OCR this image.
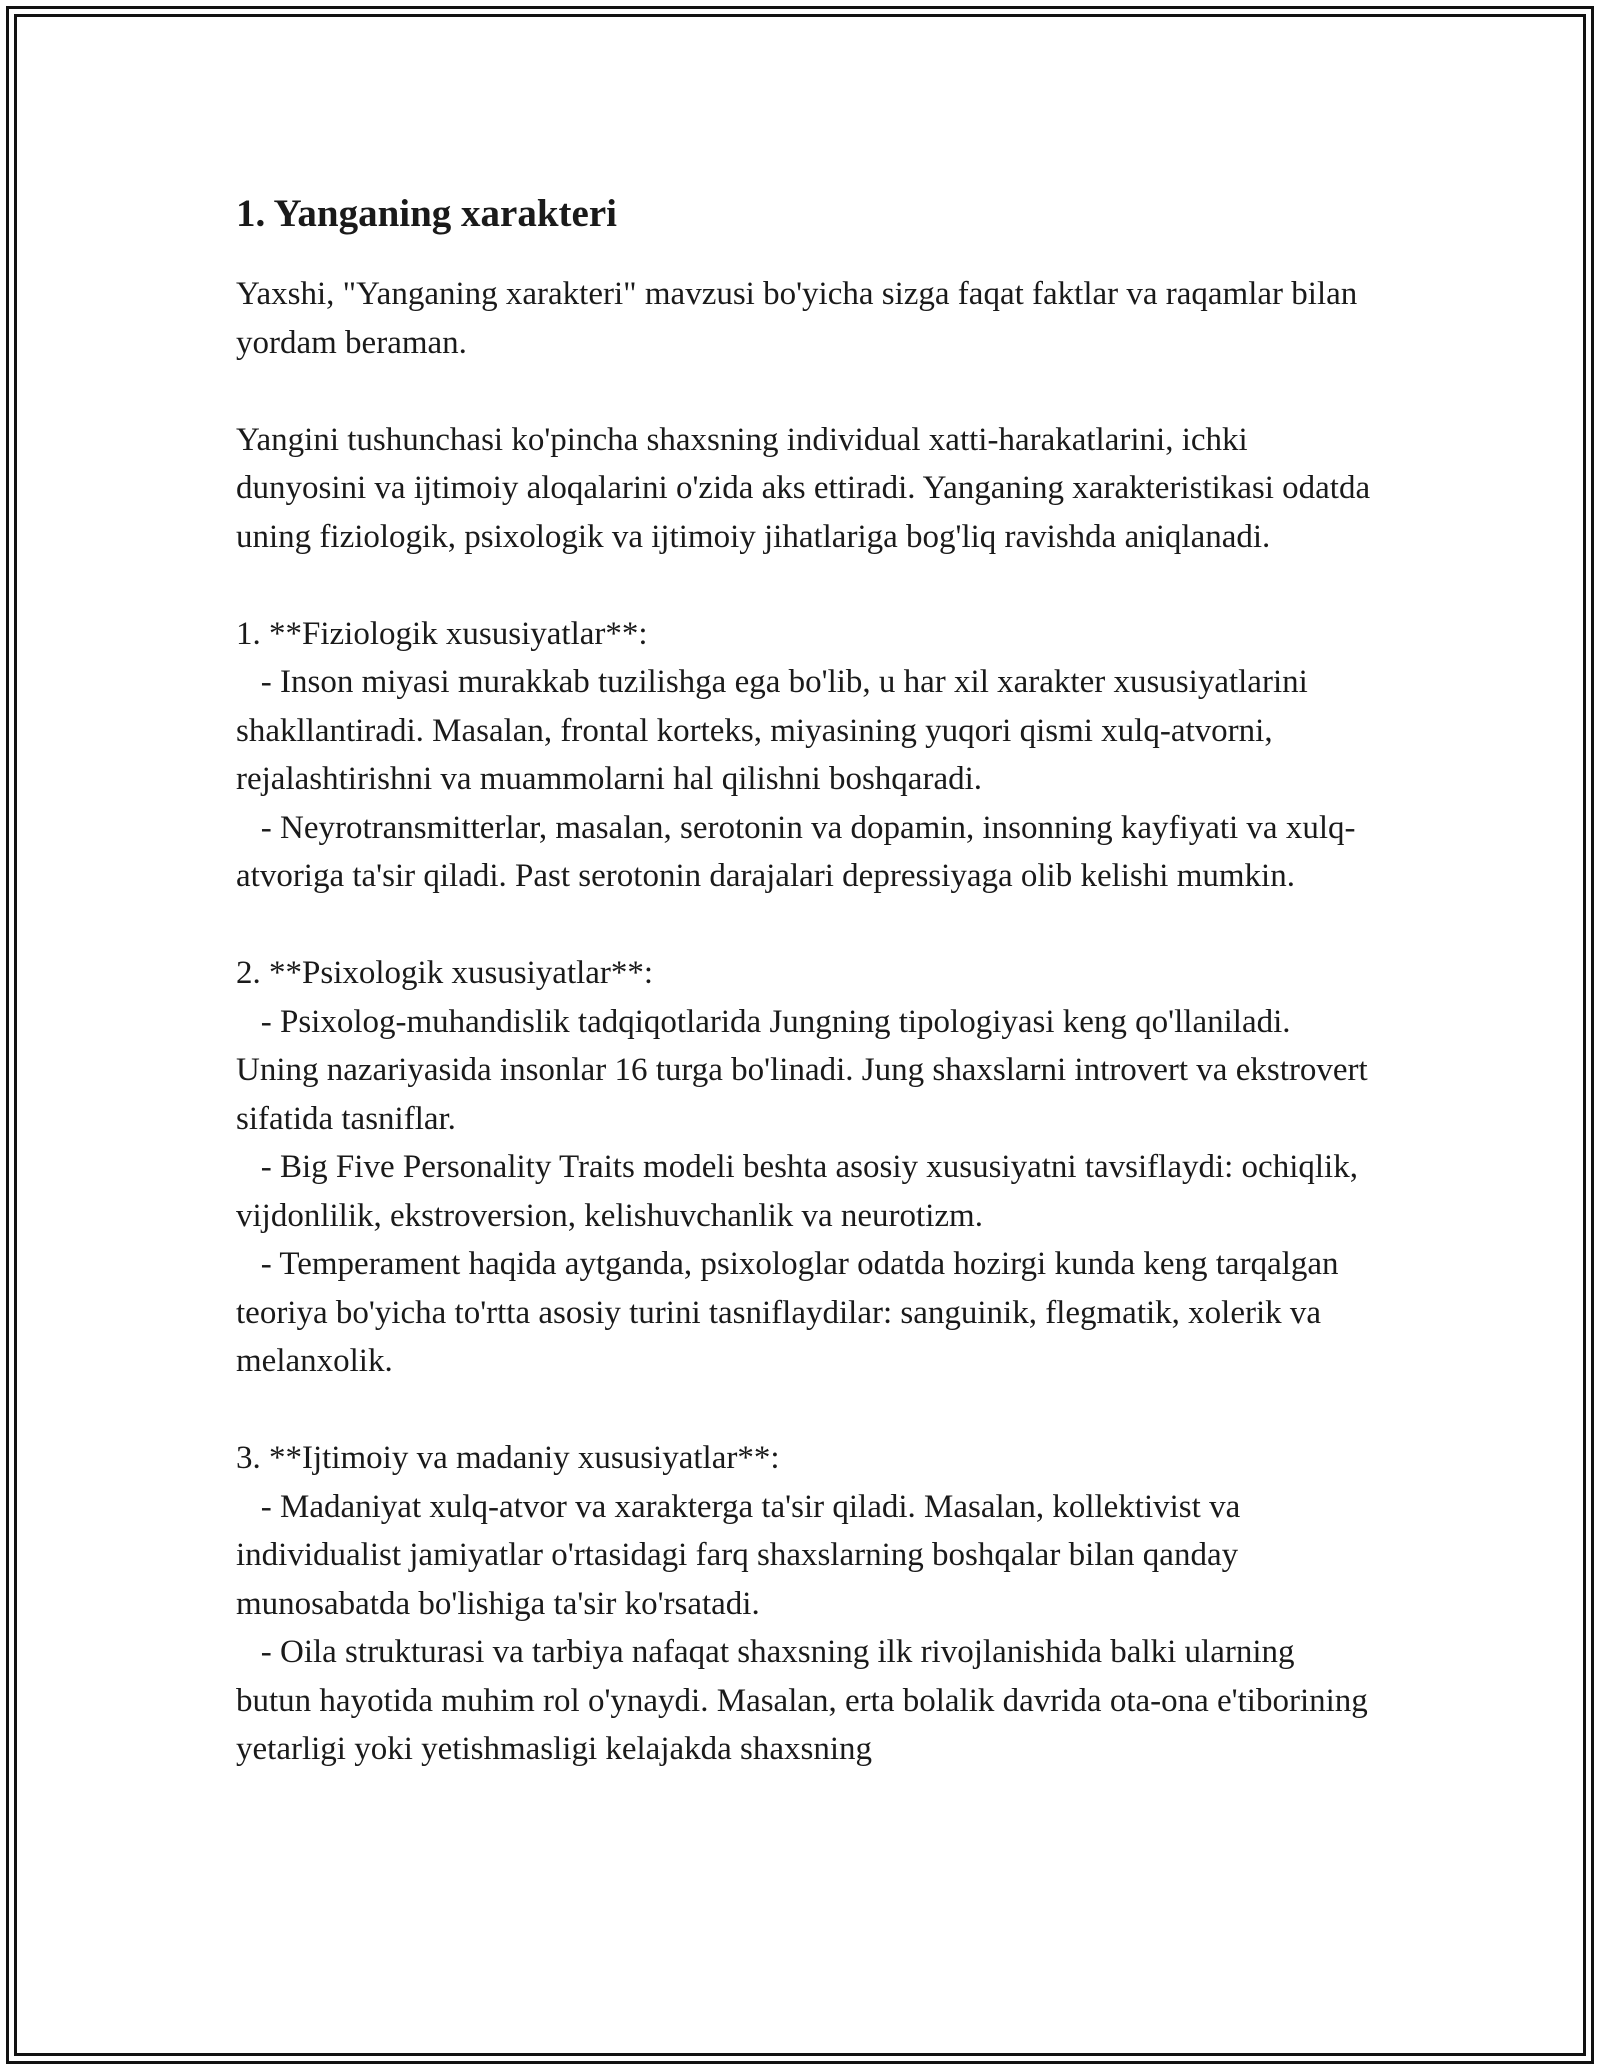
1. Yanganing xarakteri

Yaxshi, "Yanganing xarakteri" mavzusi bo'yicha sizga faqat faktlar va raqamlar bilan yordam beraman.

Yangini tushunchasi ko'pincha shaxsning individual xatti-harakatlarini, ichki dunyosini va ijtimoiy aloqalarini o'zida aks ettiradi. Yanganing xarakteristikasi odatda uning fiziologik, psixologik va ijtimoiy jihatlariga bog'liq ravishda aniqlanadi.

1. **Fiziologik xususiyatlar**:

- Inson miyasi murakkab tuzilishga ega bo'lib, u har xil xarakter xususiyatlarini shakllantiradi. Masalan, frontal korteks, miyasining yuqori qismi xulq-atvorni, rejalashtirishni va muammolarni hal qilishni boshqaradi.

- Neyrotransmitterlar, masalan, serotonin va dopamin, insonning kayfiyati va xulq-atvoriga ta'sir qiladi. Past serotonin darajalari depressiyaga olib kelishi mumkin.

2. **Psixologik xususiyatlar**:

- Psixolog-muhandislik tadqiqotlarida Jungning tipologiyasi keng qo'llaniladi. Uning nazariyasida insonlar 16 turga bo'linadi. Jung shaxslarni introvert va ekstrovert sifatida tasniflar.

- Big Five Personality Traits modeli beshta asosiy xususiyatni tavsiflaydi: ochiqlik, vijdonlilik, ekstroversion, kelishuvchanlik va neurotizm.

- Temperament haqida aytganda, psixologlar odatda hozirgi kunda keng tarqalgan teoriya bo'yicha to'rtta asosiy turini tasniflaydilar: sanguinik, flegmatik, xolerik va melanxolik.

3. **Ijtimoiy va madaniy xususiyatlar**:

- Madaniyat xulq-atvor va xarakterga ta'sir qiladi. Masalan, kollektivist va individualist jamiyatlar o'rtasidagi farq shaxslarning boshqalar bilan qanday munosabatda bo'lishiga ta'sir ko'rsatadi.

- Oila strukturasi va tarbiya nafaqat shaxsning ilk rivojlanishida balki ularning butun hayotida muhim rol o'ynaydi. Masalan, erta bolalik davrida ota-ona e'tiborining yetarligi yoki yetishmasligi kelajakda shaxsning
